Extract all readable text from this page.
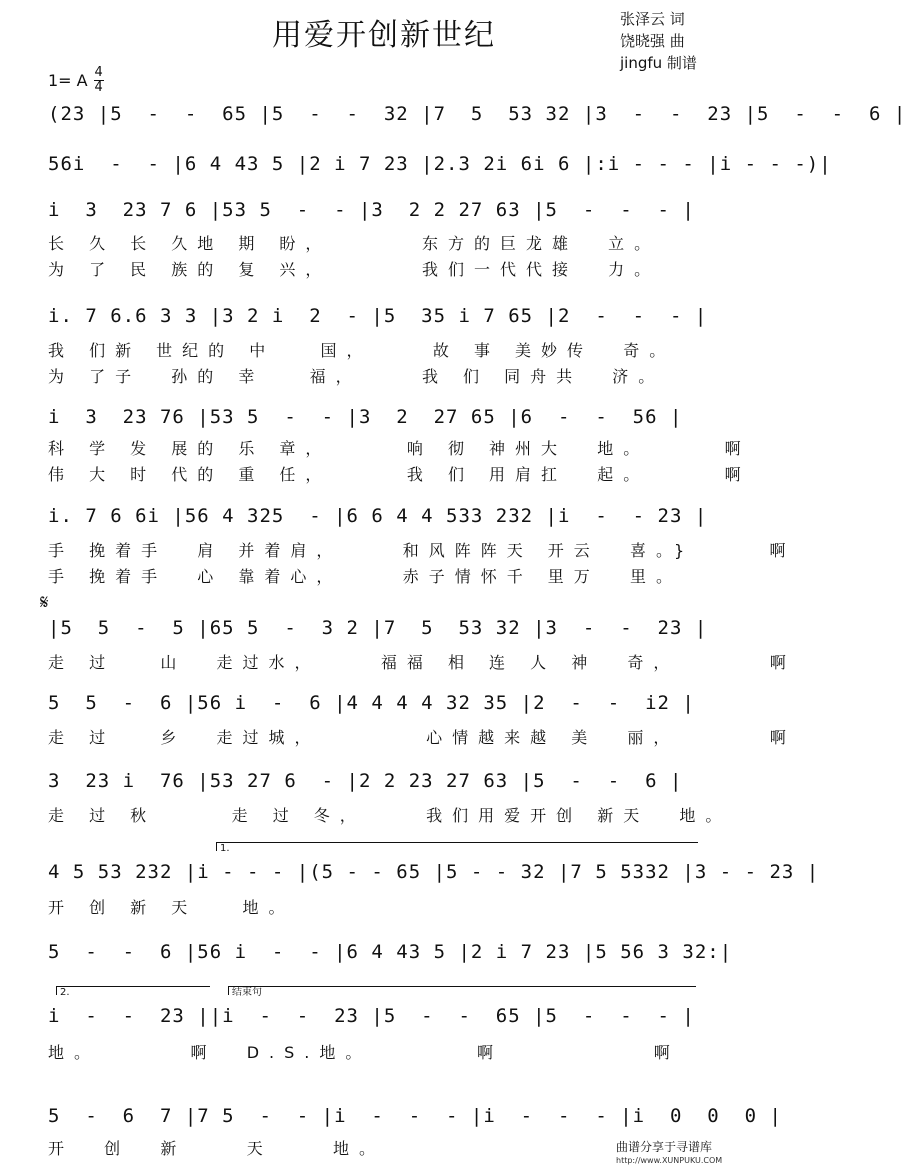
用爱开创新世纪	张泽云 词
饶晓强 曲
jingfu 制谱
1= A 4
4
(23 |5  -  -  65 |5  -  -  32 |7  5  53 32 |3  -  -  23 |5  -  -  6 |
56i  -  - |6 4 43 5 |2 i 7 23 |2.3 2i 6i 6 |:i - - - |i - - -)|
i  3  23 7 6 |53 5  -  - |3  2 2 27 63 |5  -  -  - |
长 久 长 久地 期 盼，      东方的巨龙雄  立。
为 了 民 族的 复 兴，      我们一代代接  力。
i. 7 6.6 3 3 |3 2 i  2  - |5  35 i 7 65 |2  -  -  - |
我 们新 世纪的 中   国，    故 事 美妙传  奇。
为 了子  孙的 幸   福，    我 们 同舟共  济。
i  3  23 76 |53 5  -  - |3  2  27 65 |6  -  -  56 |
科 学 发 展的 乐 章，     响 彻 神州大  地。     啊
伟 大 时 代的 重 任，     我 们 用肩扛  起。     啊
i. 7 6 6i |56 4 325  - |6 6 4 4 533 232 |i  -  - 23 |
手 挽着手  肩 并着肩，    和风阵阵天 开云  喜。}     啊
手 挽着手  心 靠着心，    赤子情怀千 里万  里。
𝄋
|5  5  -  5 |65 5  -  3 2 |7  5  53 32 |3  -  -  23 |
走 过   山  走过水，    福福 相 连 人 神  奇，      啊
5  5  -  6 |56 i  -  6 |4 4 4 4 32 35 |2  -  -  i2 |
走 过   乡  走过城，       心情越来越 美  丽，      啊
3  23 i  76 |53 27 6  - |2 2 23 27 63 |5  -  -  6 |
走 过 秋     走 过 冬，    我们用爱开创 新天  地。
1.
4 5 53 232 |i - - - |(5 - - 65 |5 - - 32 |7 5 5332 |3 - - 23 |
开 创 新 天   地。
5  -  -  6 |56 i  -  - |6 4 43 5 |2 i 7 23 |5 56 3 32:|
2.	结束句
i  -  -  23 ||i  -  -  23 |5  -  -  65 |5  -  -  - |
地。      啊  D.S.地。       啊          啊
5  -  6  7 |7 5  -  - |i  -  -  - |i  -  -  - |i  0  0  0 |
开  创  新    天    地。	曲谱分享于寻谱库
http://www.XUNPUKU.COM
